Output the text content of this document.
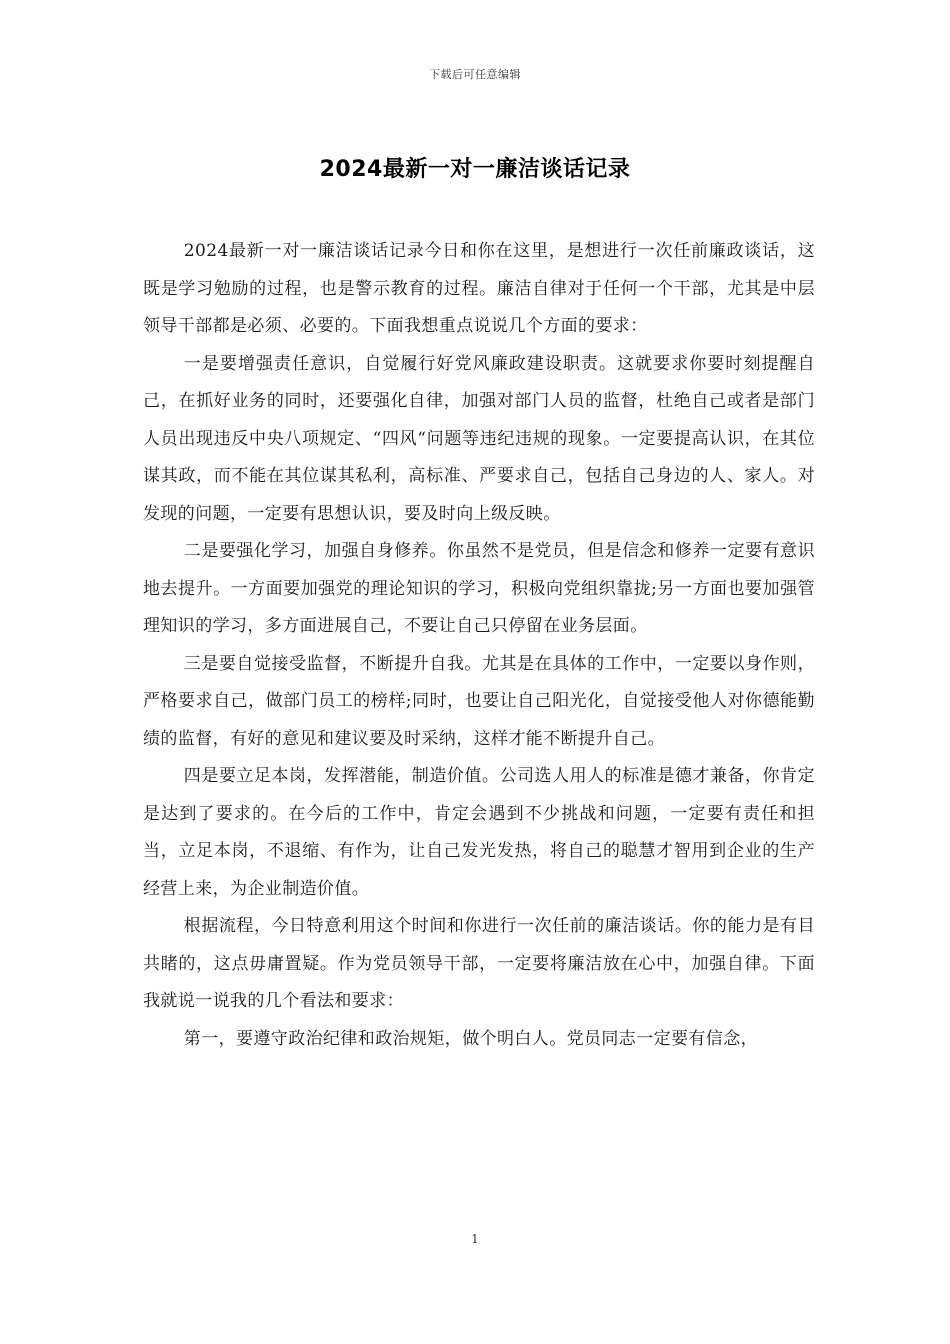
下载后可任意编辑
2024最新一对一廉洁谈话记录

2024最新一对一廉洁谈话记录今日和你在这里，是想进行一次任前廉政谈话，这既是学习勉励的过程，也是警示教育的过程。廉洁自律对于任何一个干部，尤其是中层领导干部都是必须、必要的。下面我想重点说说几个方面的要求：

一是要增强责任意识，自觉履行好党风廉政建设职责。这就要求你要时刻提醒自己，在抓好业务的同时，还要强化自律，加强对部门人员的监督，杜绝自己或者是部门人员出现违反中央八项规定、“四风“问题等违纪违规的现象。一定要提高认识，在其位谋其政，而不能在其位谋其私利，高标准、严要求自己，包括自己身边的人、家人。对发现的问题，一定要有思想认识，要及时向上级反映。

二是要强化学习，加强自身修养。你虽然不是党员，但是信念和修养一定要有意识地去提升。一方面要加强党的理论知识的学习，积极向党组织靠拢;另一方面也要加强管理知识的学习，多方面进展自己，不要让自己只停留在业务层面。

三是要自觉接受监督，不断提升自我。尤其是在具体的工作中，一定要以身作则，严格要求自己，做部门员工的榜样;同时，也要让自己阳光化，自觉接受他人对你德能勤绩的监督，有好的意见和建议要及时采纳，这样才能不断提升自己。

四是要立足本岗，发挥潜能，制造价值。公司选人用人的标准是德才兼备，你肯定是达到了要求的。在今后的工作中，肯定会遇到不少挑战和问题，一定要有责任和担当，立足本岗，不退缩、有作为，让自己发光发热，将自己的聪慧才智用到企业的生产经营上来，为企业制造价值。

根据流程，今日特意利用这个时间和你进行一次任前的廉洁谈话。你的能力是有目共睹的，这点毋庸置疑。作为党员领导干部，一定要将廉洁放在心中，加强自律。下面我就说一说我的几个看法和要求：

第一，要遵守政治纪律和政治规矩，做个明白人。党员同志一定要有信念，

1
